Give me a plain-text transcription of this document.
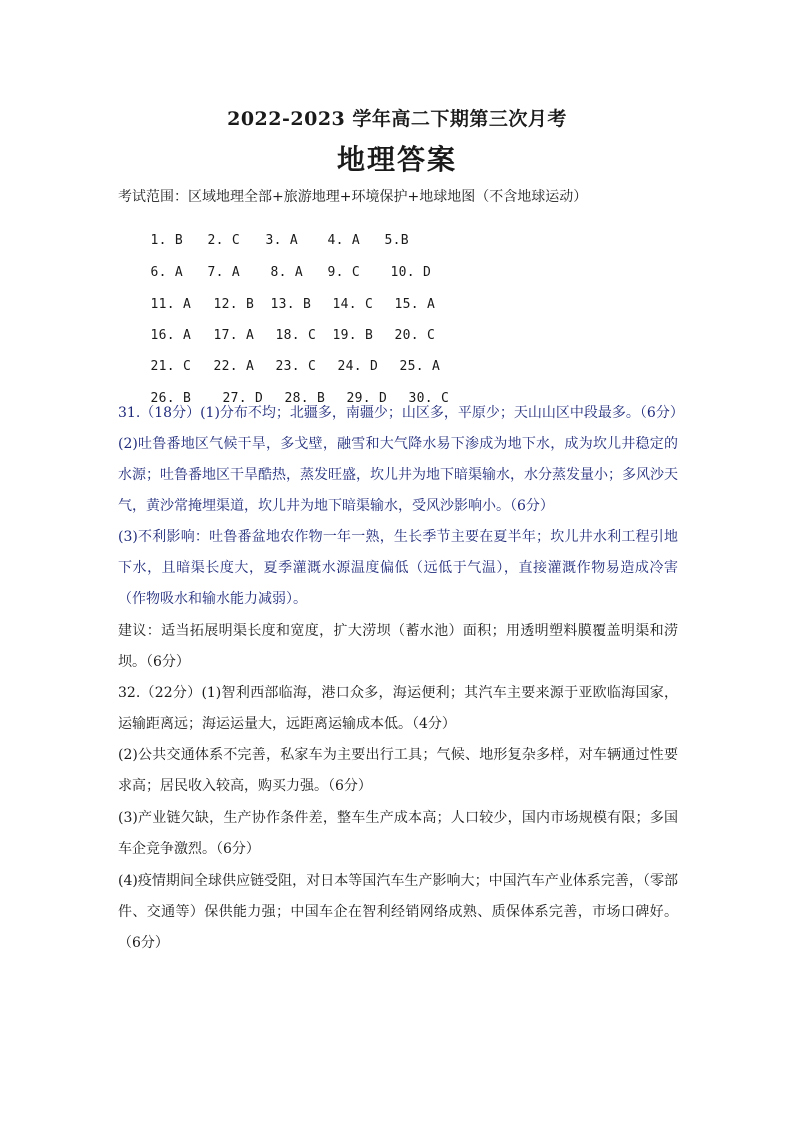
2022-2023 学年高二下期第三次月考
地理答案
考试范围：区域地理全部+旅游地理+环境保护+地球地图（不含地球运动）

1. B 2. C 3. A 4. A 5.B

6. A 7. A 8. A 9. C 10. D

11. A 12. B 13. B 14. C 15. A

16. A 17. A 18. C 19. B 20. C

21. C 22. A 23. C 24. D 25. A

26. B 27. D 28. B 29. D 30. C

31.（18分）(1)分布不均；北疆多，南疆少；山区多，平原少；天山山区中段最多。（6分）
(2)吐鲁番地区气候干旱，多戈壁，融雪和大气降水易下渗成为地下水，成为坎儿井稳定的水源；吐鲁番地区干旱酷热，蒸发旺盛，坎儿井为地下暗渠输水，水分蒸发量小；多风沙天气，黄沙常掩埋渠道，坎儿井为地下暗渠输水，受风沙影响小。（6分）
(3)不利影响：吐鲁番盆地农作物一年一熟，生长季节主要在夏半年；坎儿井水利工程引地下水，且暗渠长度大，夏季灌溉水源温度偏低（远低于气温），直接灌溉作物易造成冷害（作物吸水和输水能力减弱）。
建议：适当拓展明渠长度和宽度，扩大涝坝（蓄水池）面积；用透明塑料膜覆盖明渠和涝坝。（6分）
32.（22分）(1)智利西部临海，港口众多，海运便利；其汽车主要来源于亚欧临海国家，运输距离远；海运运量大，远距离运输成本低。（4分）
(2)公共交通体系不完善，私家车为主要出行工具；气候、地形复杂多样，对车辆通过性要求高；居民收入较高，购买力强。（6分）
(3)产业链欠缺，生产协作条件差，整车生产成本高；人口较少，国内市场规模有限；多国车企竞争激烈。（6分）
(4)疫情期间全球供应链受阻，对日本等国汽车生产影响大；中国汽车产业体系完善，（零部件、交通等）保供能力强；中国车企在智利经销网络成熟、质保体系完善，市场口碑好。（6分）
